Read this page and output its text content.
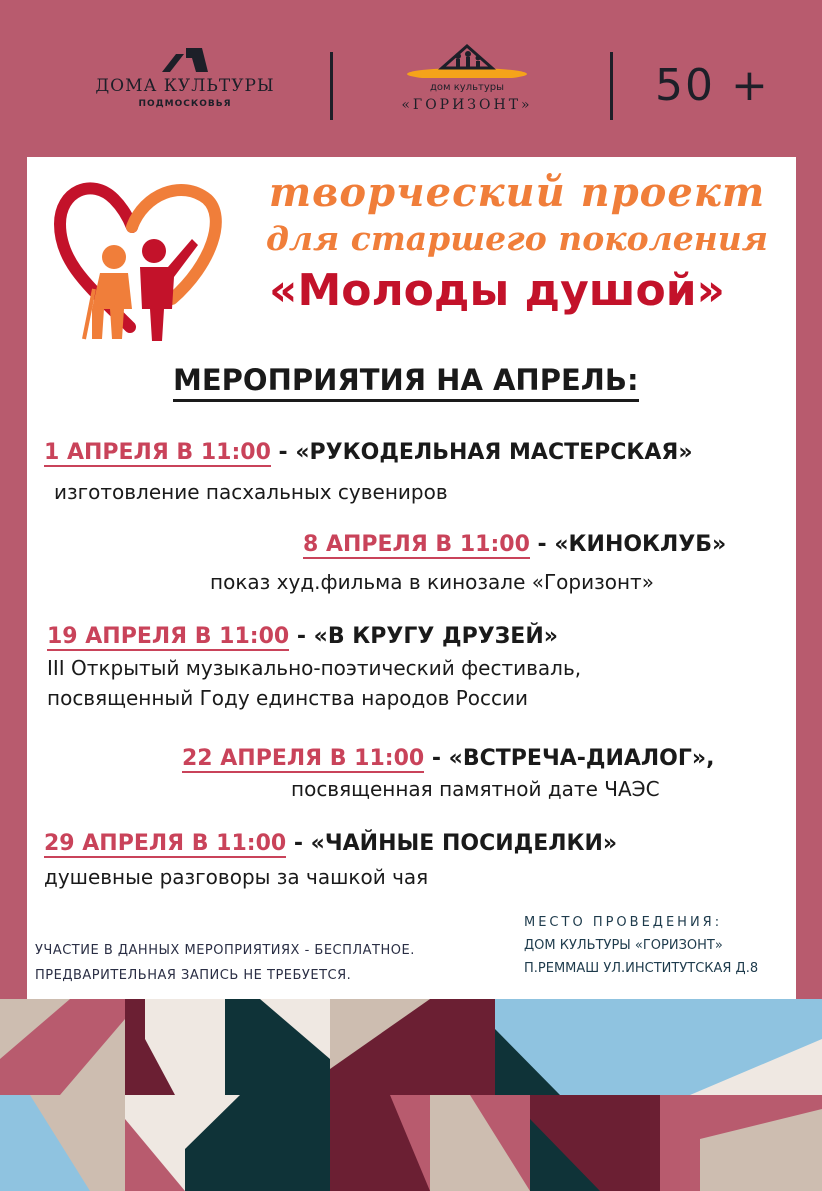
ДОМА КУЛЬТУРЫ
ПОДМОСКОВЬЯ
дом культуры
«ГОРИЗОНТ»	50 +
творческий проект
для старшего поколения
«Молоды душой»
МЕРОПРИЯТИЯ НА АПРЕЛЬ:
1 АПРЕЛЯ В 11:00 - «РУКОДЕЛЬНАЯ МАСТЕРСКАЯ»
изготовление пасхальных сувениров
8 АПРЕЛЯ В 11:00 - «КИНОКЛУБ»
показ худ.фильма в кинозале «Горизонт»
19 АПРЕЛЯ В 11:00 - «В КРУГУ ДРУЗЕЙ»
III Открытый музыкально-поэтический фестиваль,
посвященный Году единства народов России
22 АПРЕЛЯ В 11:00 - «ВСТРЕЧА-ДИАЛОГ»,
посвященная памятной дате ЧАЭС
29 АПРЕЛЯ В 11:00 - «ЧАЙНЫЕ ПОСИДЕЛКИ»
душевные разговоры за чашкой чая
УЧАСТИЕ В ДАННЫХ МЕРОПРИЯТИЯХ - БЕСПЛАТНОЕ.
ПРЕДВАРИТЕЛЬНАЯ ЗАПИСЬ НЕ ТРЕБУЕТСЯ.
МЕСТО ПРОВЕДЕНИЯ:
ДОМ КУЛЬТУРЫ «ГОРИЗОНТ»
П.РЕММАШ УЛ.ИНСТИТУТСКАЯ Д.8
